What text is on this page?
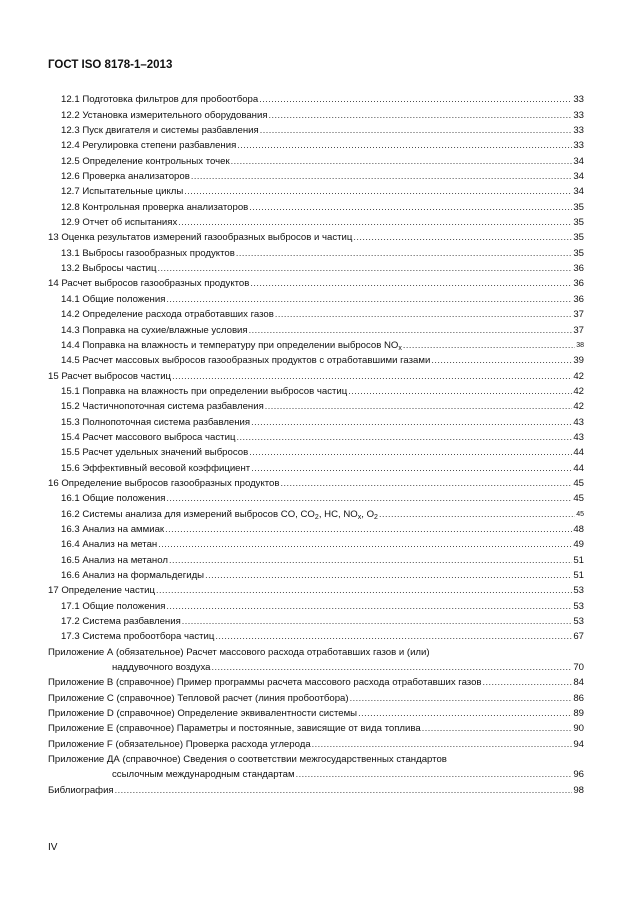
ГОСТ ISO 8178-1–2013
12.1 Подготовка фильтров для пробоотбора .....	33
12.2 Установка измерительного оборудования .....	33
12.3 Пуск двигателя и системы разбавления .....	33
12.4 Регулировка степени разбавления .....	33
12.5 Определение контрольных точек .....	34
12.6 Проверка анализаторов .....	34
12.7 Испытательные циклы .....	34
12.8 Контрольная проверка анализаторов .....	35
12.9 Отчет об испытаниях .....	35
13 Оценка результатов измерений газообразных выбросов и частиц .....	35
13.1 Выбросы газообразных продуктов .....	35
13.2 Выбросы частиц .....	36
14 Расчет выбросов газообразных продуктов .....	36
14.1 Общие положения .....	36
14.2 Определение расхода отработавших газов .....	37
14.3 Поправка на сухие/влажные условия .....	37
14.4 Поправка на влажность и температуру при определении выбросов $NO_x$ .....	38
14.5 Расчет массовых выбросов газообразных продуктов с отработавшими газами .....	39
15 Расчет выбросов частиц .....	42
15.1 Поправка на влажность при определении выбросов частиц .....	42
15.2 Частичнопоточная система разбавления .....	42
15.3 Полнопоточная система разбавления .....	43
15.4 Расчет массового выброса частиц .....	43
15.5 Расчет удельных значений выбросов .....	44
15.6 Эффективный весовой коэффициент .....	44
16 Определение выбросов газообразных продуктов .....	45
16.1 Общие положения .....	45
16.2 Системы анализа для измерений выбросов CO, $CO_2$, HC, $NO_x$, $O_2$ .....	45
16.3 Анализ на аммиак .....	48
16.4 Анализ на метан .....	49
16.5 Анализ на метанол .....	51
16.6 Анализ на формальдегиды .....	51
17 Определение частиц .....	53
17.1 Общие положения .....	53
17.2 Система разбавления .....	53
17.3 Система пробоотбора частиц .....	67
Приложение А (обязательное) Расчет массового расхода отработавших газов и (или)
наддувочного воздуха .....	70
Приложение В (справочное) Пример программы расчета массового расхода отработавших газов .....	84
Приложение С (справочное) Тепловой расчет (линия пробоотбора) .....	86
Приложение D (справочное) Определение эквивалентности системы .....	89
Приложение Е (справочное) Параметры и постоянные, зависящие от вида топлива .....	90
Приложение F (обязательное) Проверка расхода углерода .....	94
Приложение ДА (справочное) Сведения о соответствии межгосударственных стандартов
ссылочным международным стандартам .....	96
Библиография .....	98
IV
